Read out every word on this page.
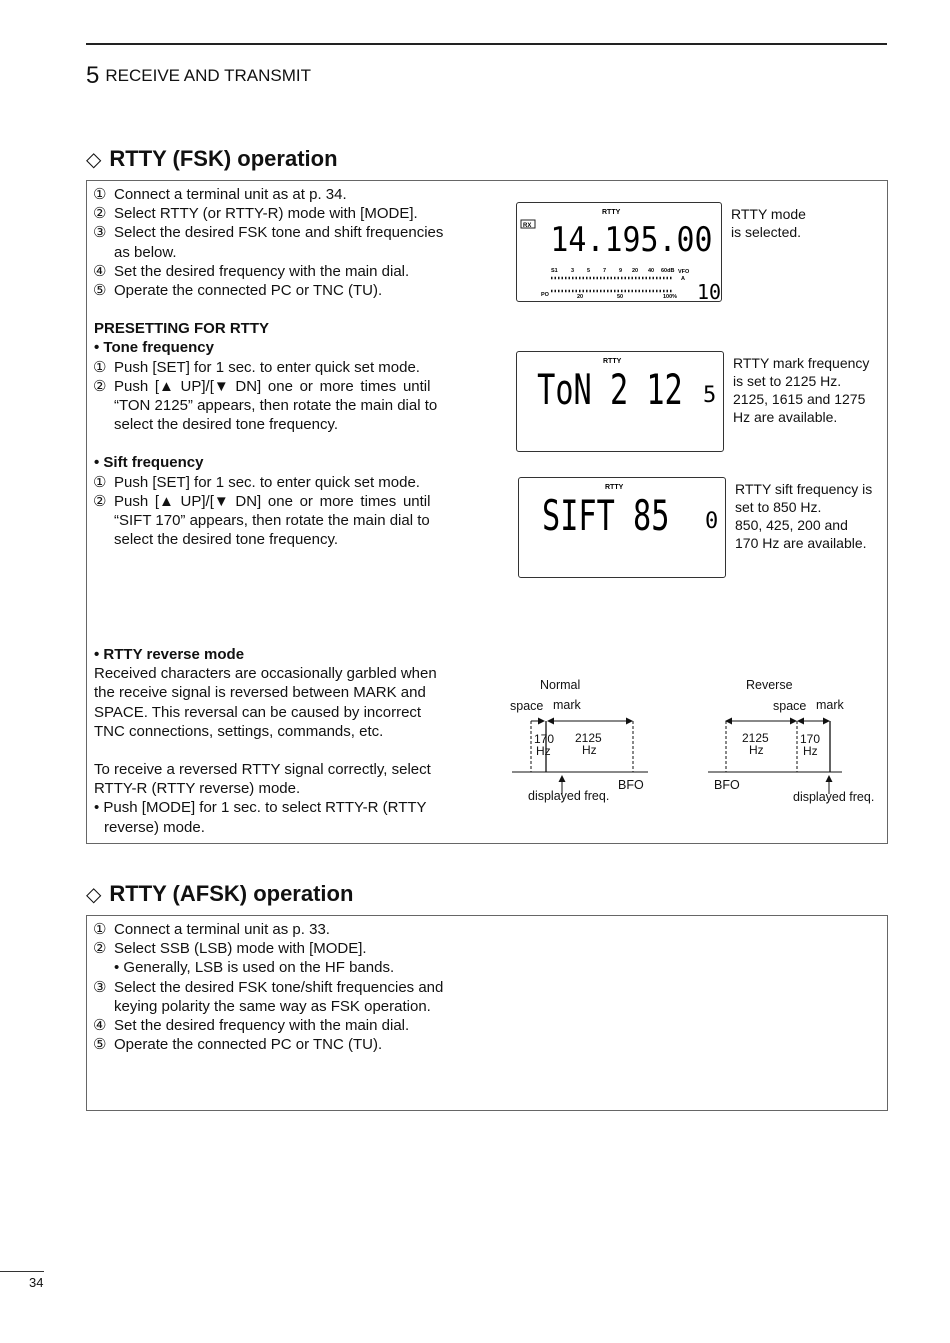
5 RECEIVE AND TRANSMIT
◇ RTTY (FSK) operation
① Connect a terminal unit as at p. 34.
② Select RTTY (or RTTY-R) mode with [MODE].
③ Select the desired FSK tone and shift frequencies
as below.
④ Set the desired frequency with the main dial.
⑤ Operate the connected PC or TNC (TU).
PRESETTING FOR RTTY
• Tone frequency
① Push [SET] for 1 sec. to enter quick set mode.
② Push [▲ UP]/[▼ DN] one or more times until
“TON 2125” appears, then rotate the main dial to
select the desired tone frequency.
• Sift frequency
① Push [SET] for 1 sec. to enter quick set mode.
② Push [▲ UP]/[▼ DN] one or more times until
“SIFT 170” appears, then rotate the main dial to
select the desired tone frequency.
• RTTY reverse mode
Received characters are occasionally garbled when
the receive signal is reversed between MARK and
SPACE. This reversal can be caused by incorrect
TNC connections, settings, commands, etc.
To receive a reversed RTTY signal correctly, select
RTTY-R (RTTY reverse) mode.
• Push [MODE] for 1 sec. to select RTTY-R (RTTY
reverse) mode.
RX
RTTY
14.195.00
S1 3 5 7 9 20 40 60dB VFO
A
PO	20	50	100% 10
RTTY mode
is selected.
RTTY
ToN 2 12 5
RTTY mark frequency
is set to 2125 Hz.
2125, 1615 and 1275
Hz are available.
RTTY
SIFT 85 0
RTTY sift frequency is
set to 850 Hz.
850, 425, 200 and
170 Hz are available.
Normal
space mark
170
Hz
2125
Hz
BFO
displayed freq.
Reverse
space mark
2125
Hz
170
Hz
BFO
displayed freq.
◇ RTTY (AFSK) operation
① Connect a terminal unit as p. 33.
② Select SSB (LSB) mode with [MODE].
• Generally, LSB is used on the HF bands.
③ Select the desired FSK tone/shift frequencies and
keying polarity the same way as FSK operation.
④ Set the desired frequency with the main dial.
⑤ Operate the connected PC or TNC (TU).
34
